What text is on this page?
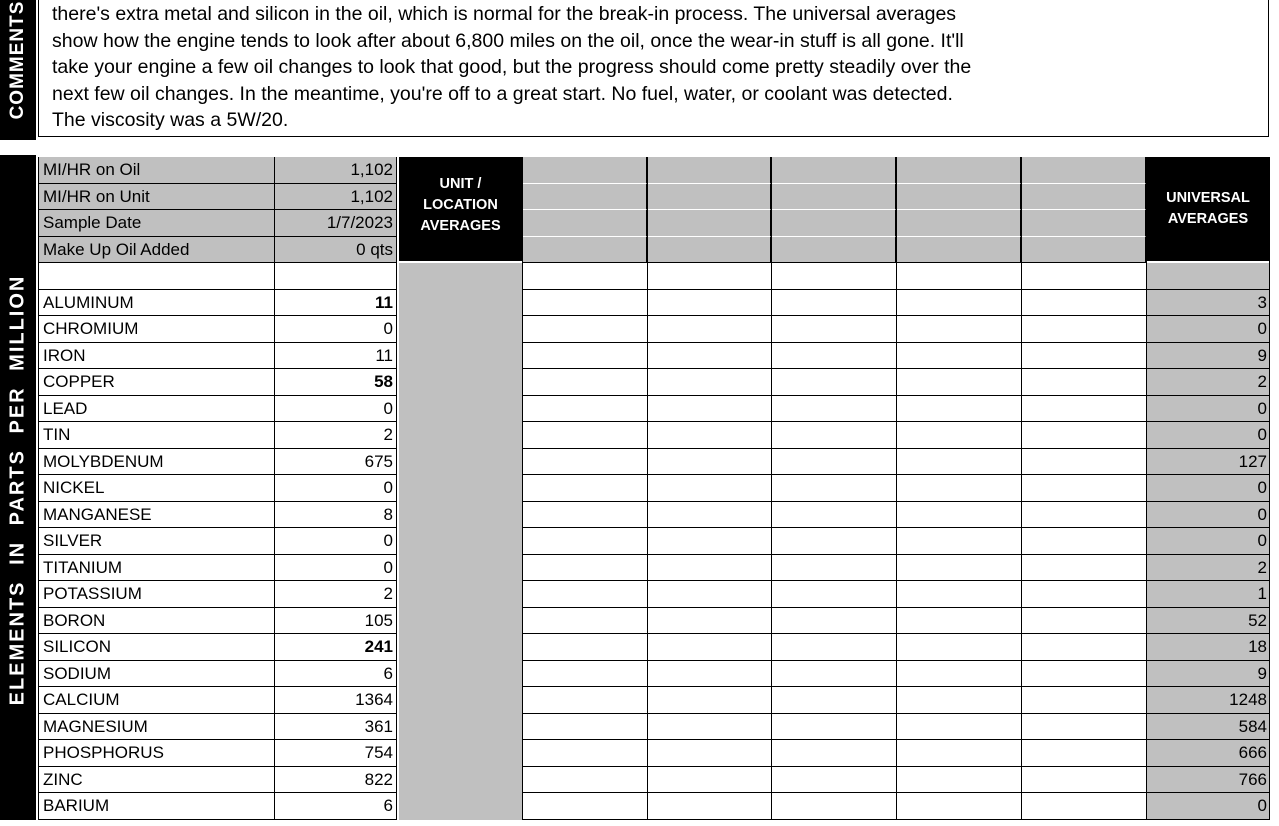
COMMENTS there's extra metal and silicon in the oil, which is normal for the break-in process. The universal averages
show how the engine tends to look after about 6,800 miles on the oil, once the wear-in stuff is all gone. It'll
take your engine a few oil changes to look that good, but the progress should come pretty steadily over the
next few oil changes. In the meantime, you're off to a great start. No fuel, water, or coolant was detected.
The viscosity was a 5W/20.
ELEMENTS IN PARTS PER MILLION
MI/HR on Oil	1,102
MI/HR on Unit	1,102
Sample Date	1/7/2023
Make Up Oil Added	0 qts
ALUMINUM	11	3
CHROMIUM	0	0
IRON	11	9
COPPER	58	2
LEAD	0	0
TIN	2	0
MOLYBDENUM	675	127
NICKEL	0	0
MANGANESE	8	0
SILVER	0	0
TITANIUM	0	2
POTASSIUM	2	1
BORON	105	52
SILICON	241	18
SODIUM	6	9
CALCIUM	1364	1248
MAGNESIUM	361	584
PHOSPHORUS	754	666
ZINC	822	766
BARIUM	6	0
UNIT /
LOCATION
AVERAGES
UNIVERSAL
AVERAGES
